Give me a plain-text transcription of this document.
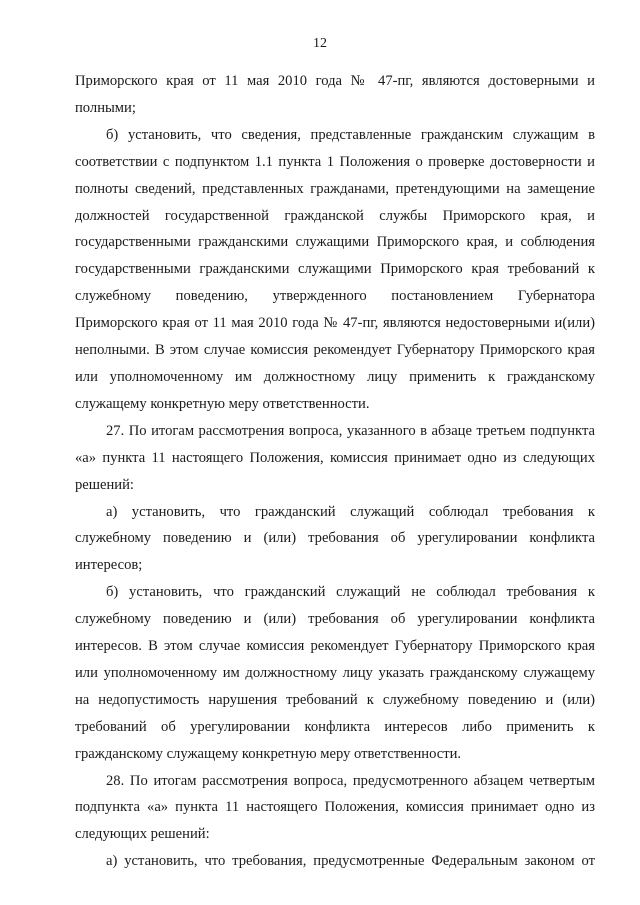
12

Приморского края от 11 мая 2010 года № 47-пг, являются достоверными и полными;

б) установить, что сведения, представленные гражданским служащим в соответствии с подпунктом 1.1 пункта 1 Положения о проверке достоверности и полноты сведений, представленных гражданами, претендующими на замещение должностей государственной гражданской службы Приморского края, и государственными гражданскими служащими Приморского края, и соблюдения государственными гражданскими служащими Приморского края требований к служебному поведению, утвержденного постановлением Губернатора Приморского края от 11 мая 2010 года № 47-пг, являются недостоверными и(или) неполными. В этом случае комиссия рекомендует Губернатору Приморского края или уполномоченному им должностному лицу применить к гражданскому служащему конкретную меру ответственности.

27. По итогам рассмотрения вопроса, указанного в абзаце третьем подпункта «а» пункта 11 настоящего Положения, комиссия принимает одно из следующих решений:

а) установить, что гражданский служащий соблюдал требования к служебному поведению и (или) требования об урегулировании конфликта интересов;

б) установить, что гражданский служащий не соблюдал требования к служебному поведению и (или) требования об урегулировании конфликта интересов. В этом случае комиссия рекомендует Губернатору Приморского края или уполномоченному им должностному лицу указать гражданскому служащему на недопустимость нарушения требований к служебному поведению и (или) требований об урегулировании конфликта интересов либо применить к гражданскому служащему конкретную меру ответственности.

28. По итогам рассмотрения вопроса, предусмотренного абзацем четвертым подпункта «а» пункта 11 настоящего Положения, комиссия принимает одно из следующих решений:

а) установить, что требования, предусмотренные Федеральным законом от
